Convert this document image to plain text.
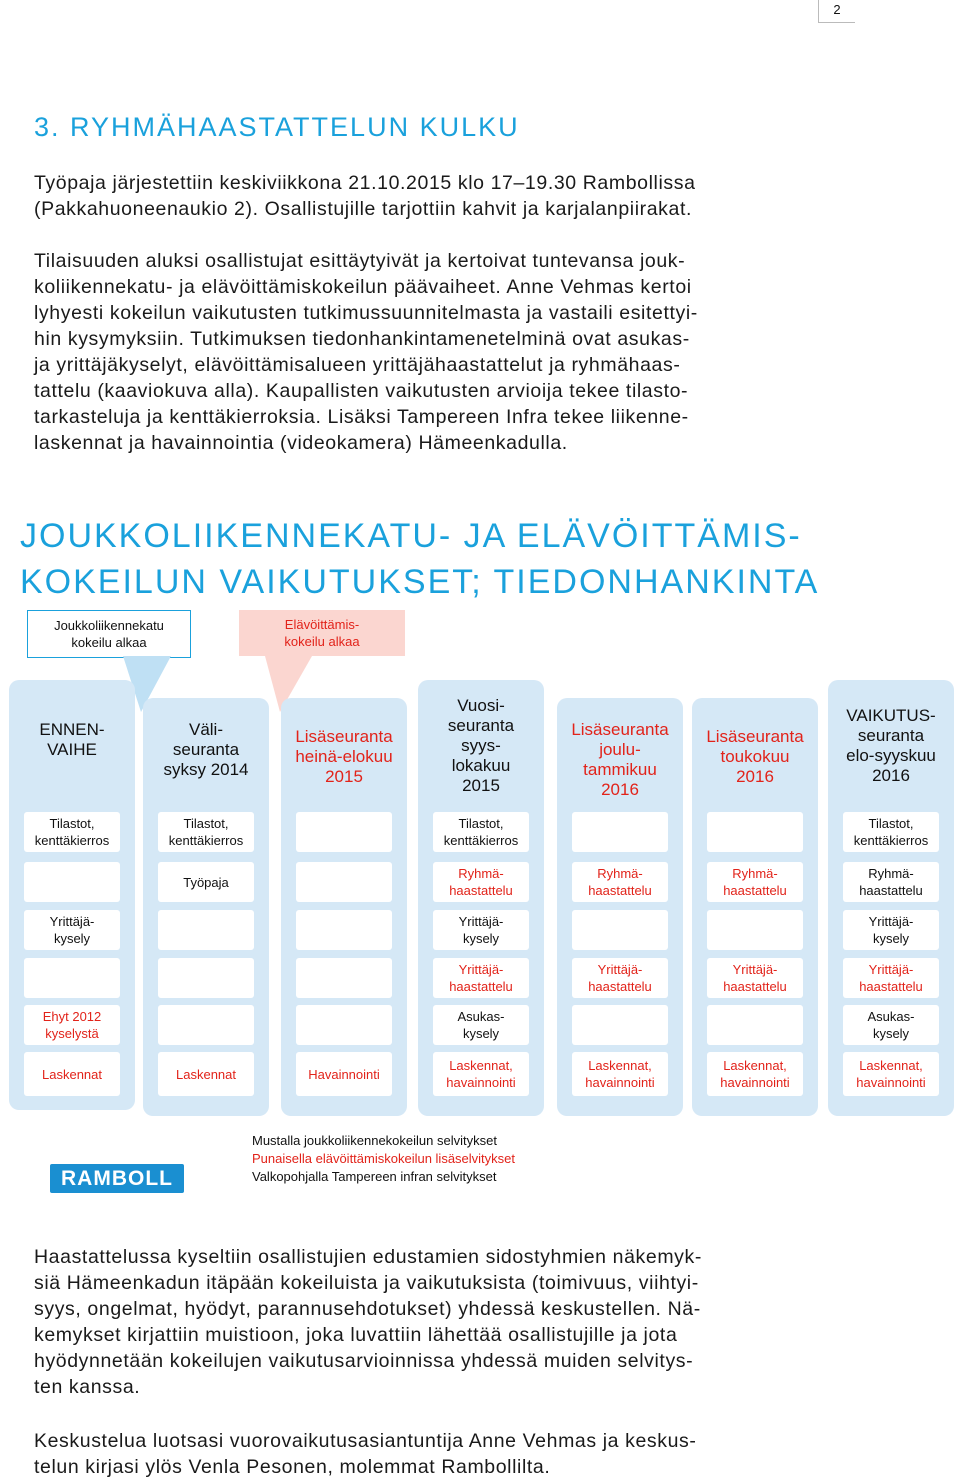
2
3. RYHMÄHAASTATTELUN KULKU

Työpaja järjestettiin keskiviikkona 21.10.2015 klo 17–19.30 Rambollissa

(Pakkahuoneenaukio 2). Osallistujille tarjottiin kahvit ja karjalanpiirakat.

Tilaisuuden aluksi osallistujat esittäytyivät ja kertoivat tuntevansa jouk-

koliikennekatu- ja elävöittämiskokeilun päävaiheet. Anne Vehmas kertoi

lyhyesti kokeilun vaikutusten tutkimussuunnitelmasta ja vastaili esitettyi-

hin kysymyksiin. Tutkimuksen tiedonhankintamenetelminä ovat asukas-

ja yrittäjäkyselyt, elävöittämisalueen yrittäjähaastattelut ja ryhmähaas-

tattelu (kaaviokuva alla). Kaupallisten vaikutusten arvioija tekee tilasto-

tarkasteluja ja kenttäkierroksia. Lisäksi Tampereen Infra tekee liikenne-

laskennat ja havainnointia (videokamera) Hämeenkadulla.

JOUKKOLIIKENNEKATU- JA ELÄVÖITTÄMIS-
KOKEILUN VAIKUTUKSET; TIEDONHANKINTA
Joukkoliikennekatu
kokeilu alkaa
Elävöittämis-
kokeilu alkaa
ENNEN-
VAIHE
Väli-
seuranta
syksy 2014
Lisäseuranta
heinä-elokuu
2015
Vuosi-
seuranta
syys-
lokakuu
2015
Lisäseuranta
joulu-
tammikuu
2016
Lisäseuranta
toukokuu
2016
VAIKUTUS-
seuranta
elo-syyskuu
2016
Tilastot,
kenttäkierros
Tilastot,
kenttäkierros
Tilastot,
kenttäkierros
Tilastot,
kenttäkierros
Työpaja
Ryhmä-
haastattelu
Ryhmä-
haastattelu
Ryhmä-
haastattelu
Ryhmä-
haastattelu
Yrittäjä-
kysely
Yrittäjä-
kysely
Yrittäjä-
kysely
Yrittäjä-
haastattelu
Yrittäjä-
haastattelu
Yrittäjä-
haastattelu
Yrittäjä-
haastattelu
Ehyt 2012
kyselystä
Asukas-
kysely
Asukas-
kysely
Laskennat	Laskennat	Havainnointi
Laskennat,
havainnointi
Laskennat,
havainnointi
Laskennat,
havainnointi
Laskennat,
havainnointi
RAMBOLL
Mustalla joukkoliikennekokeilun selvitykset
Punaisella elävöittämiskokeilun lisäselvitykset
Valkopohjalla Tampereen infran selvitykset

Haastattelussa kyseltiin osallistujien edustamien sidostyhmien näkemyk-

siä Hämeenkadun itäpään kokeiluista ja vaikutuksista (toimivuus, viihtyi-

syys, ongelmat, hyödyt, parannusehdotukset) yhdessä keskustellen. Nä-

kemykset kirjattiin muistioon, joka luvattiin lähettää osallistujille ja jota

hyödynnetään kokeilujen vaikutusarvioinnissa yhdessä muiden selvitys-

ten kanssa.

Keskustelua luotsasi vuorovaikutusasiantuntija Anne Vehmas ja keskus-

telun kirjasi ylös Venla Pesonen, molemmat Rambollilta.
